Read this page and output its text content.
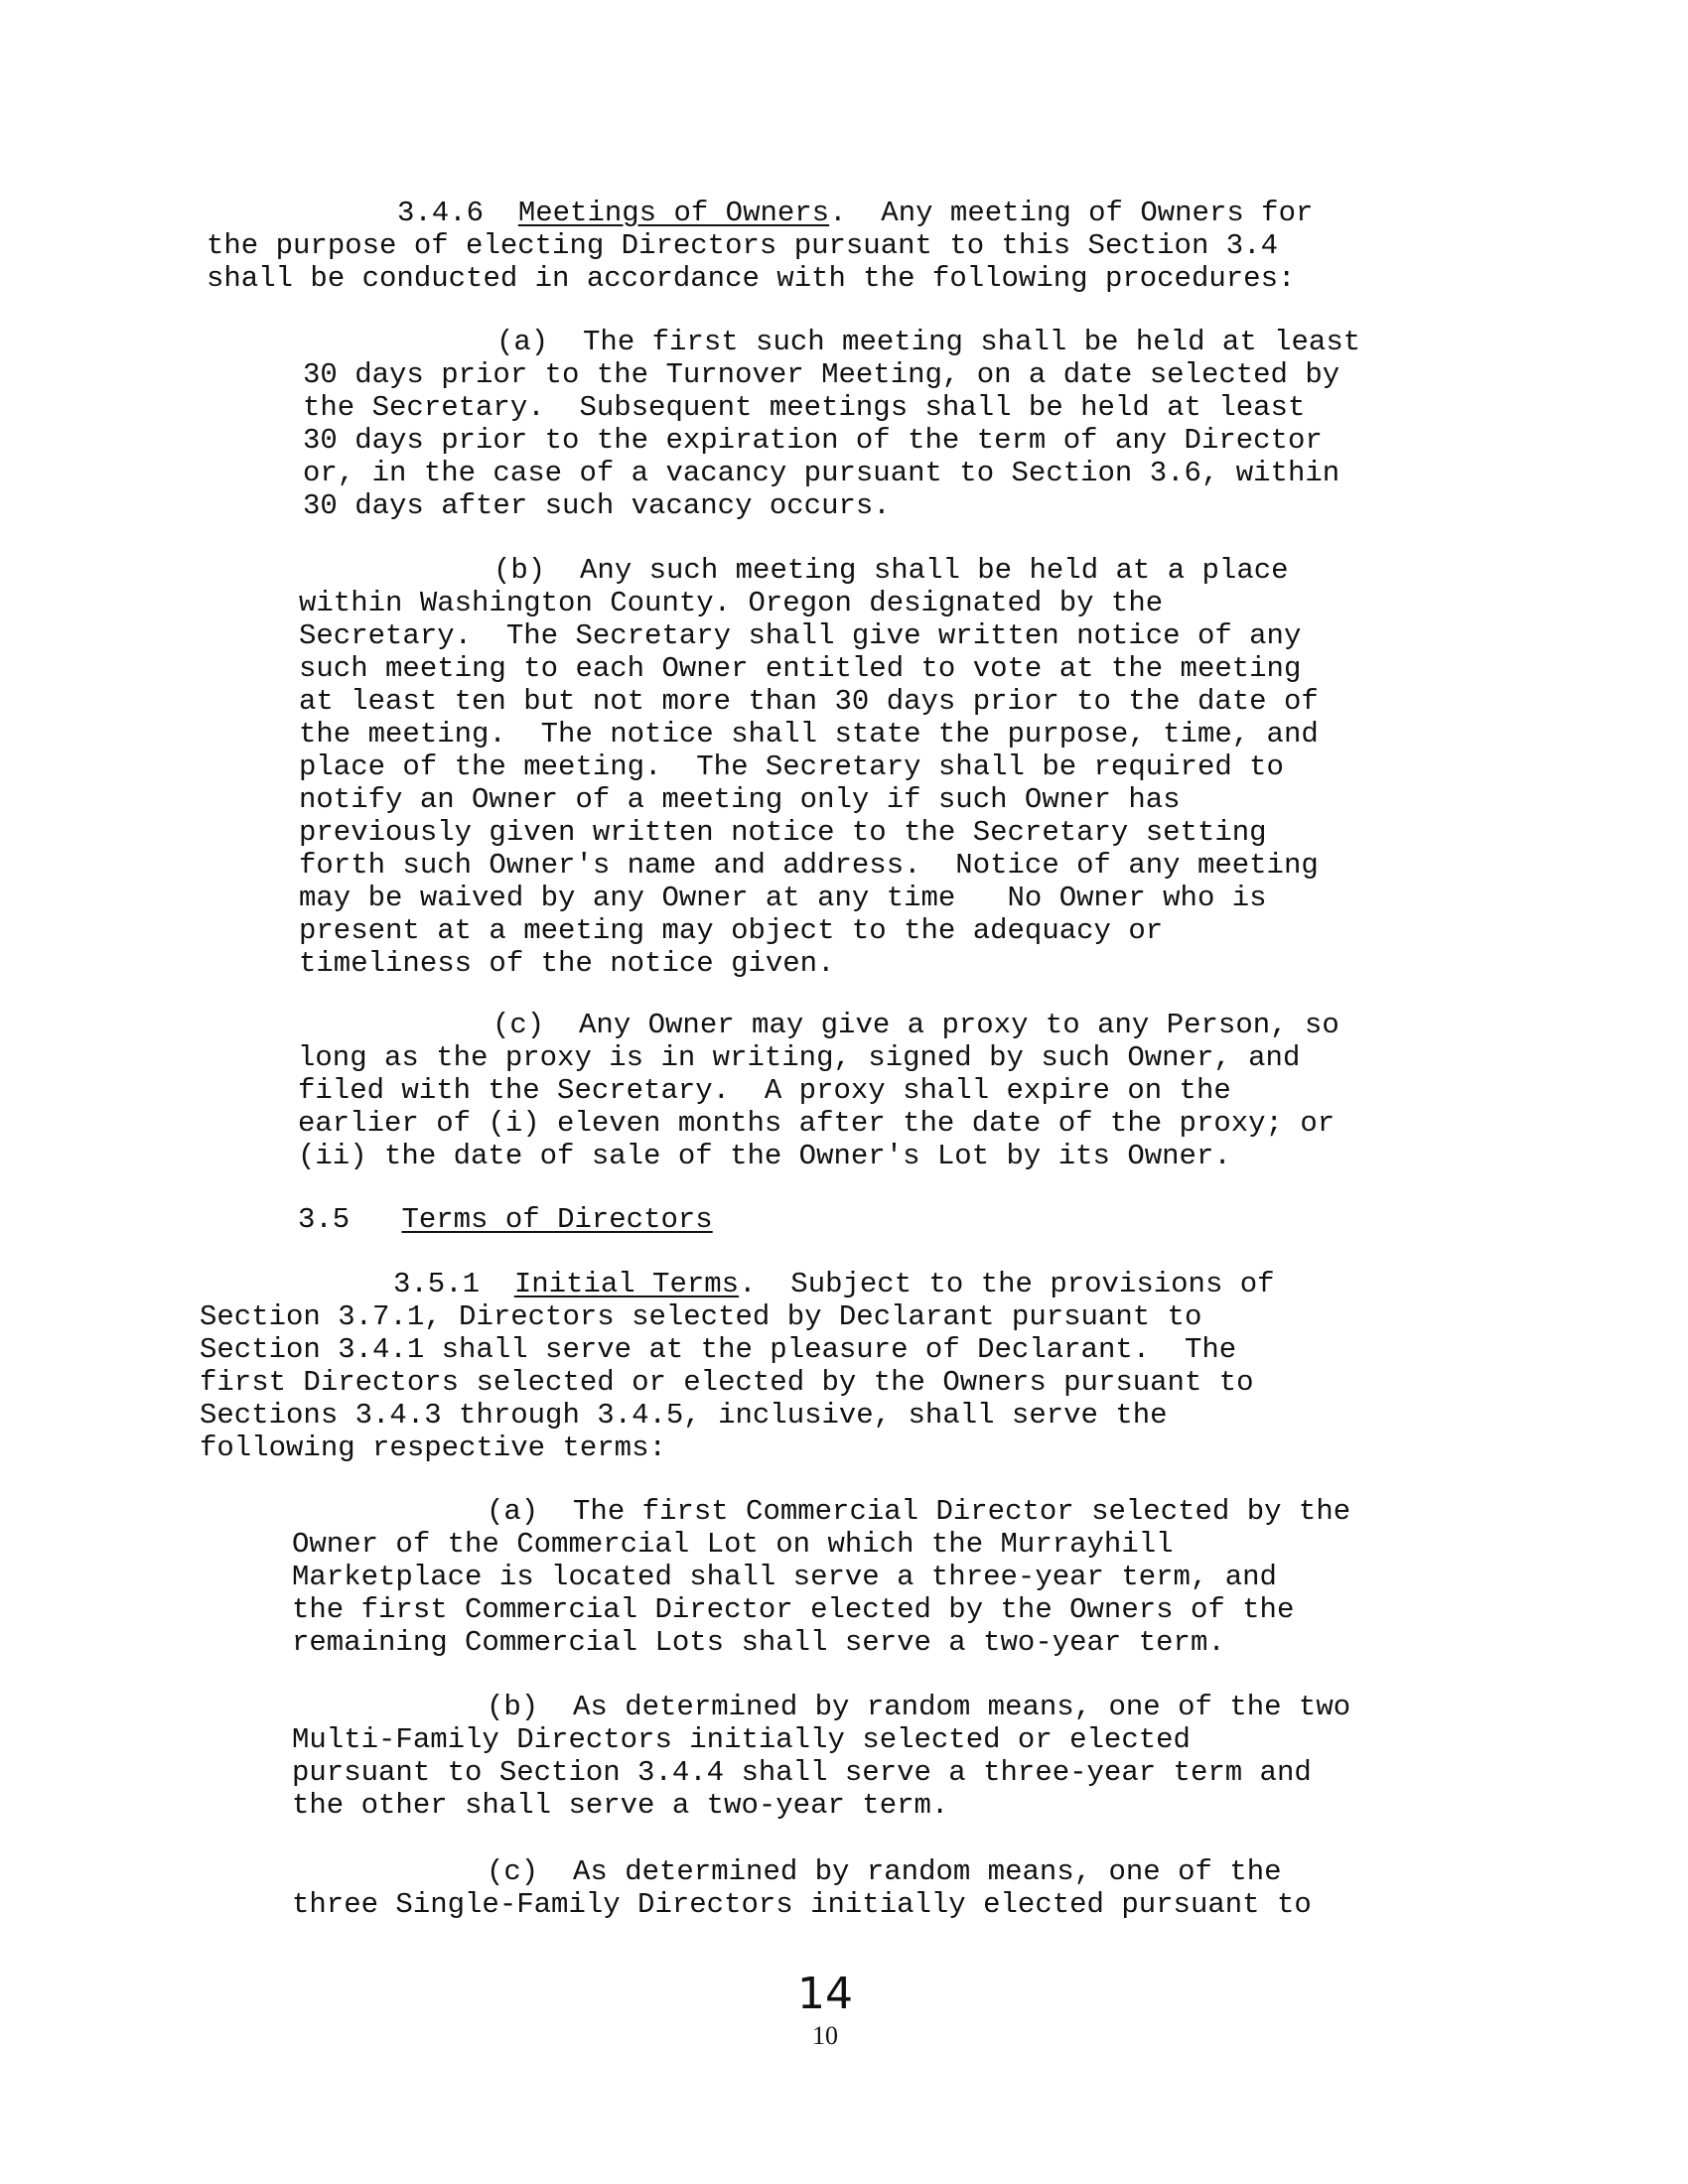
3.4.6 Meetings of Owners.  Any meeting of Owners for
the purpose of electing Directors pursuant to this Section 3.4
shall be conducted in accordance with the following procedures:
(a)  The first such meeting shall be held at least
30 days prior to the Turnover Meeting, on a date selected by
the Secretary.  Subsequent meetings shall be held at least
30 days prior to the expiration of the term of any Director
or, in the case of a vacancy pursuant to Section 3.6, within
30 days after such vacancy occurs.
(b)  Any such meeting shall be held at a place
within Washington County. Oregon designated by the
Secretary.  The Secretary shall give written notice of any
such meeting to each Owner entitled to vote at the meeting
at least ten but not more than 30 days prior to the date of
the meeting.  The notice shall state the purpose, time, and
place of the meeting.  The Secretary shall be required to
notify an Owner of a meeting only if such Owner has
previously given written notice to the Secretary setting
forth such Owner's name and address.  Notice of any meeting
may be waived by any Owner at any time   No Owner who is
present at a meeting may object to the adequacy or
timeliness of the notice given.
(c)  Any Owner may give a proxy to any Person, so
long as the proxy is in writing, signed by such Owner, and
filed with the Secretary.  A proxy shall expire on the
earlier of (i) eleven months after the date of the proxy; or
(ii) the date of sale of the Owner's Lot by its Owner.
3.5 Terms of Directors
3.5.1 Initial Terms.  Subject to the provisions of
Section 3.7.1, Directors selected by Declarant pursuant to
Section 3.4.1 shall serve at the pleasure of Declarant.  The
first Directors selected or elected by the Owners pursuant to
Sections 3.4.3 through 3.4.5, inclusive, shall serve the
following respective terms:
(a)  The first Commercial Director selected by the
Owner of the Commercial Lot on which the Murrayhill
Marketplace is located shall serve a three-year term, and
the first Commercial Director elected by the Owners of the
remaining Commercial Lots shall serve a two-year term.
(b)  As determined by random means, one of the two
Multi-Family Directors initially selected or elected
pursuant to Section 3.4.4 shall serve a three-year term and
the other shall serve a two-year term.
(c)  As determined by random means, one of the
three Single-Family Directors initially elected pursuant to
14
10
